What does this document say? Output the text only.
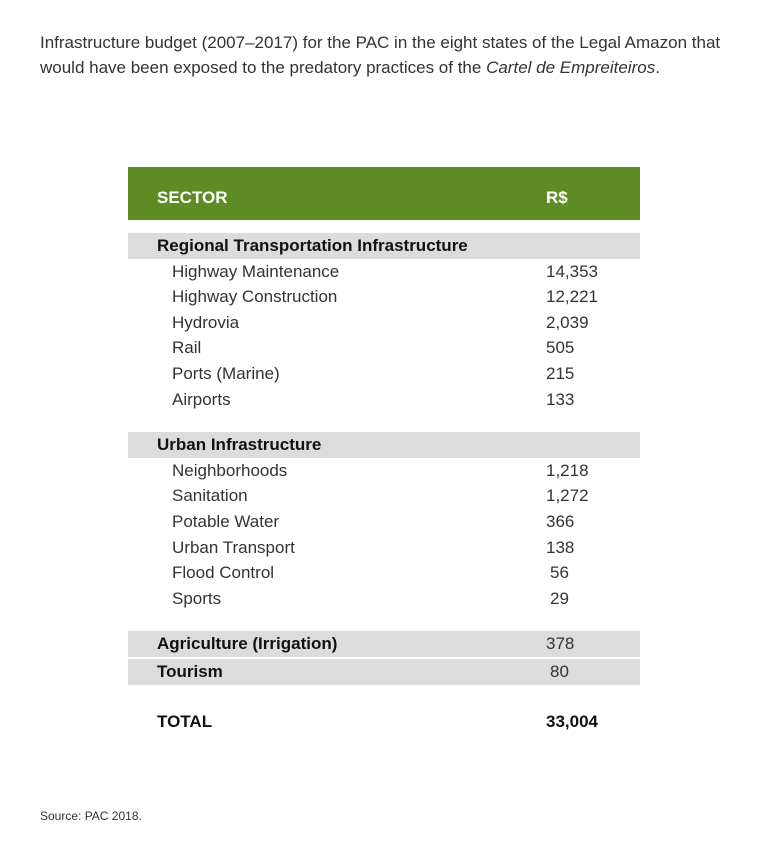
Infrastructure budget (2007–2017) for the PAC in the eight states of the Legal Amazon that would have been exposed to the predatory practices of the Cartel de Empreiteiros.
SECTOR	R$
Regional Transportation Infrastructure
Highway Maintenance	14,353
Highway Construction	12,221
Hydrovia	2,039
Rail	505
Ports (Marine)	215
Airports	133
Urban Infrastructure
Neighborhoods	1,218
Sanitation	1,272
Potable Water	366
Urban Transport	138
Flood Control	56
Sports	29
Agriculture (Irrigation)	378
Tourism	80
TOTAL	33,004
Source: PAC 2018.
